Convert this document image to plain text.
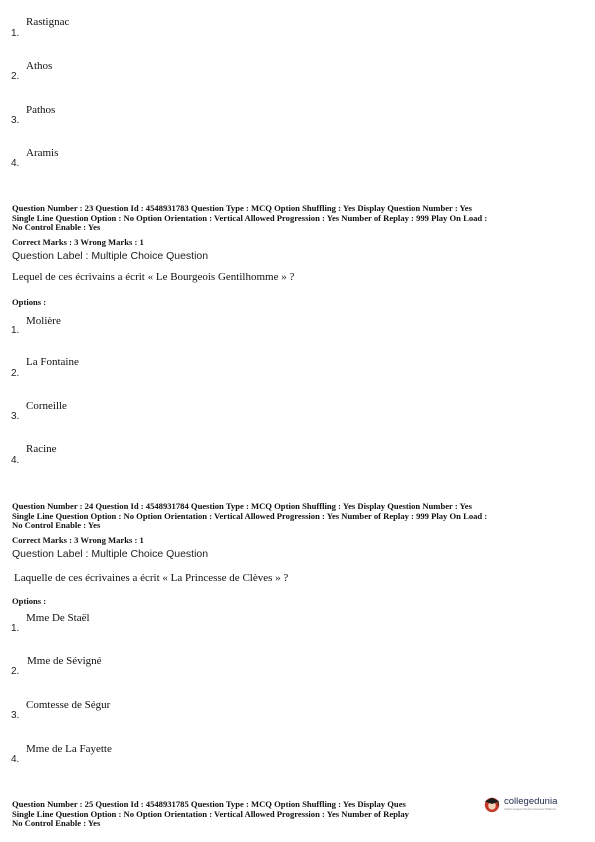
Rastignac
1.
Athos
2.
Pathos
3.
Aramis
4.
Question Number : 23 Question Id : 4548931783 Question Type : MCQ Option Shuffling : Yes Display Question Number : Yes
Single Line Question Option : No Option Orientation : Vertical Allowed Progression : Yes Number of Replay : 999 Play On Load :
No Control Enable : Yes
Correct Marks : 3 Wrong Marks : 1
Question Label : Multiple Choice Question
Lequel de ces écrivains a écrit « Le Bourgeois Gentilhomme » ?
Options :
Molière
1.
La Fontaine
2.
Corneille
3.
Racine
4.
Question Number : 24 Question Id : 4548931784 Question Type : MCQ Option Shuffling : Yes Display Question Number : Yes
Single Line Question Option : No Option Orientation : Vertical Allowed Progression : Yes Number of Replay : 999 Play On Load :
No Control Enable : Yes
Correct Marks : 3 Wrong Marks : 1
Question Label : Multiple Choice Question
Laquelle de ces écrivaines a écrit « La Princesse de Clèves » ?
Options :
Mme De Staël
1.
Mme de Sévigné
2.
Comtesse de Ségur
3.
Mme de La Fayette
4.
Question Number : 25 Question Id : 4548931785 Question Type : MCQ Option Shuffling : Yes Display Ques
Single Line Question Option : No Option Orientation : Vertical Allowed Progression : Yes Number of Replay
No Control Enable : Yes
collegedunia
India's largest Student Review Platform
